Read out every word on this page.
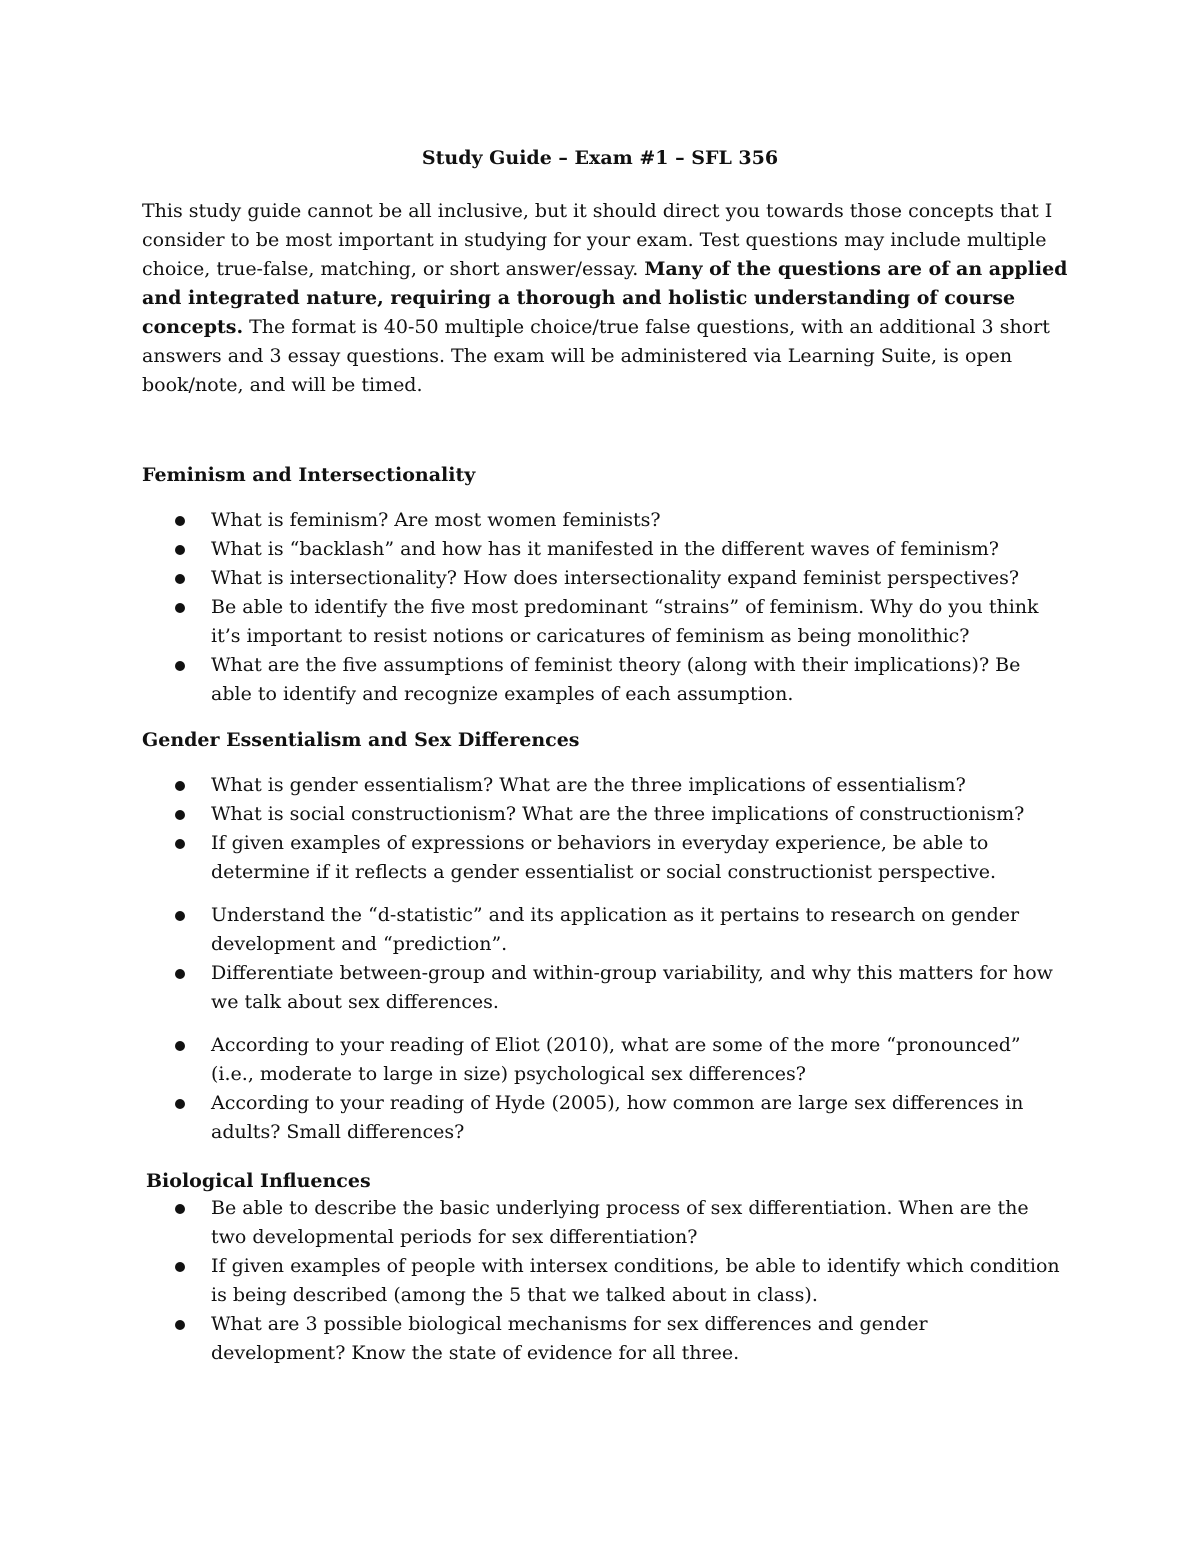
Study Guide – Exam #1 – SFL 356

This study guide cannot be all inclusive, but it should direct you towards those concepts that I consider to be most important in studying for your exam. Test questions may include multiple choice, true-false, matching, or short answer/essay. Many of the questions are of an applied and integrated nature, requiring a thorough and holistic understanding of course concepts. The format is 40-50 multiple choice/true false questions, with an additional 3 short answers and 3 essay questions. The exam will be administered via Learning Suite, is open book/note, and will be timed.

Feminism and Intersectionality
What is feminism? Are most women feminists?
What is “backlash” and how has it manifested in the different waves of feminism?
What is intersectionality? How does intersectionality expand feminist perspectives?
Be able to identify the five most predominant “strains” of feminism. Why do you think it’s important to resist notions or caricatures of feminism as being monolithic?
What are the five assumptions of feminist theory (along with their implications)? Be able to identify and recognize examples of each assumption.
Gender Essentialism and Sex Differences
What is gender essentialism? What are the three implications of essentialism?
What is social constructionism? What are the three implications of constructionism?
If given examples of expressions or behaviors in everyday experience, be able to determine if it reflects a gender essentialist or social constructionist perspective.
Understand the “d-statistic” and its application as it pertains to research on gender development and “prediction”.
Differentiate between-group and within-group variability, and why this matters for how we talk about sex differences.
According to your reading of Eliot (2010), what are some of the more “pronounced” (i.e., moderate to large in size) psychological sex differences?
According to your reading of Hyde (2005), how common are large sex differences in adults? Small differences?
Biological Influences
Be able to describe the basic underlying process of sex differentiation. When are the two developmental periods for sex differentiation?
If given examples of people with intersex conditions, be able to identify which condition is being described (among the 5 that we talked about in class).
What are 3 possible biological mechanisms for sex differences and gender development? Know the state of evidence for all three.
